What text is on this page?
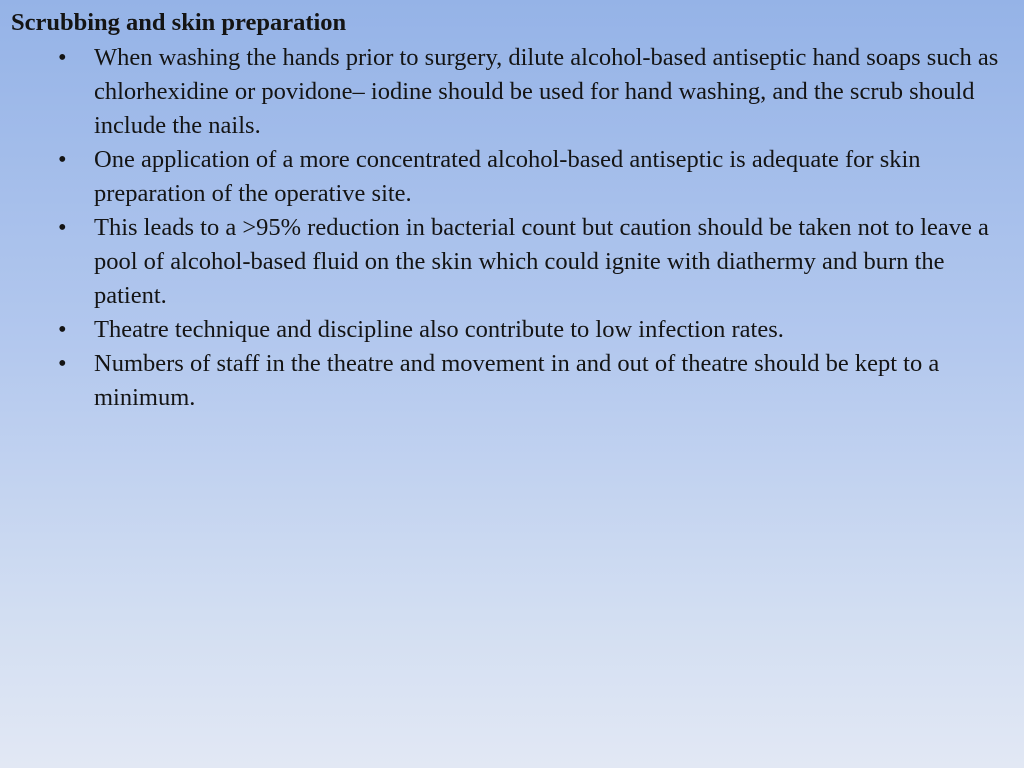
Scrubbing and skin preparation
•	When washing the hands prior to surgery, dilute alcohol-based antiseptic hand soaps such as chlorhexidine or povidone– iodine should be used for hand washing, and the scrub should include the nails.
•	One application of a more concentrated alcohol-based antiseptic is adequate for skin preparation of the operative site.
•	This leads to a >95% reduction in bacterial count but caution should be taken not to leave a pool of alcohol-based fluid on the skin which could ignite with diathermy and burn the patient.
•	Theatre technique and discipline also contribute to low infection rates.
•	Numbers of staff in the theatre and movement in and out of theatre should be kept to a minimum.
